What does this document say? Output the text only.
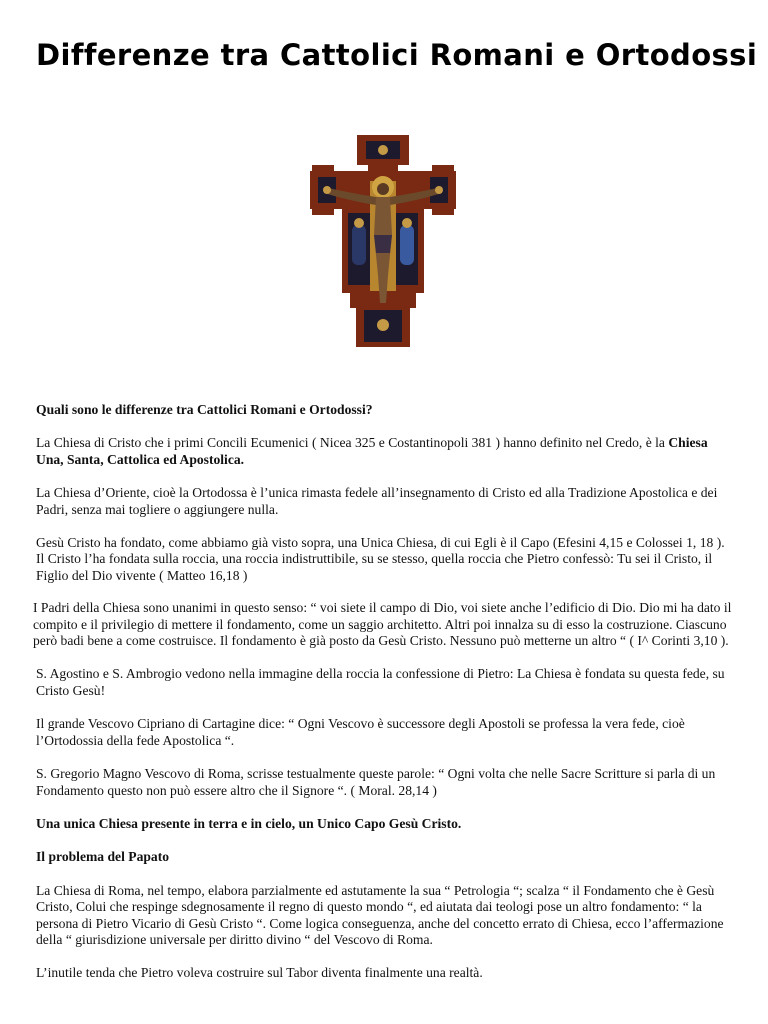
Differenze tra Cattolici Romani e Ortodossi

Quali sono le differenze tra Cattolici Romani e Ortodossi?

La Chiesa di Cristo che i primi Concili Ecumenici ( Nicea 325 e Costantinopoli 381 ) hanno definito nel Credo, è la Chiesa Una, Santa, Cattolica ed Apostolica.

La Chiesa d’Oriente, cioè la Ortodossa è l’unica rimasta fedele all’insegnamento di Cristo ed alla Tradizione Apostolica e dei Padri, senza mai togliere o aggiungere nulla.

Gesù Cristo ha fondato, come abbiamo già visto sopra, una Unica Chiesa, di cui Egli è il Capo (Efesini 4,15 e Colossei 1, 18 ). Il Cristo l’ha fondata sulla roccia, una roccia indistruttibile, su se stesso, quella roccia che Pietro confessò: Tu sei il Cristo, il Figlio del Dio vivente ( Matteo 16,18 )

I Padri della Chiesa sono unanimi in questo senso: “ voi siete il campo di Dio, voi siete anche l’edificio di Dio. Dio mi ha dato il compito e il privilegio di mettere il fondamento, come un saggio architetto. Altri poi innalza su di esso la costruzione. Ciascuno però badi bene a come costruisce. Il fondamento è già posto da Gesù Cristo. Nessuno può metterne un altro “ ( I^ Corinti 3,10 ).

S. Agostino e S. Ambrogio vedono nella immagine della roccia la confessione di Pietro: La Chiesa è fondata su questa fede, su Cristo Gesù!

Il grande Vescovo Cipriano di Cartagine dice: “ Ogni Vescovo è successore degli Apostoli se professa la vera fede, cioè l’Ortodossia della fede Apostolica “.

S. Gregorio Magno Vescovo di Roma, scrisse testualmente queste parole: “ Ogni volta che nelle Sacre Scritture si parla di un Fondamento questo non può essere altro che il Signore “. ( Moral. 28,14 )

Una unica Chiesa presente in terra e in cielo, un Unico Capo Gesù Cristo.

Il problema del Papato

La Chiesa di Roma, nel tempo, elabora parzialmente ed astutamente la sua “ Petrologia “; scalza “ il Fondamento che è Gesù Cristo, Colui che respinge sdegnosamente il regno di questo mondo “, ed aiutata dai teologi pose un altro fondamento: “ la persona di Pietro Vicario di Gesù Cristo “. Come logica conseguenza, anche del concetto errato di Chiesa, ecco l’affermazione della “ giurisdizione universale per diritto divino “ del Vescovo di Roma.

L’inutile tenda che Pietro voleva costruire sul Tabor diventa finalmente una realtà.
